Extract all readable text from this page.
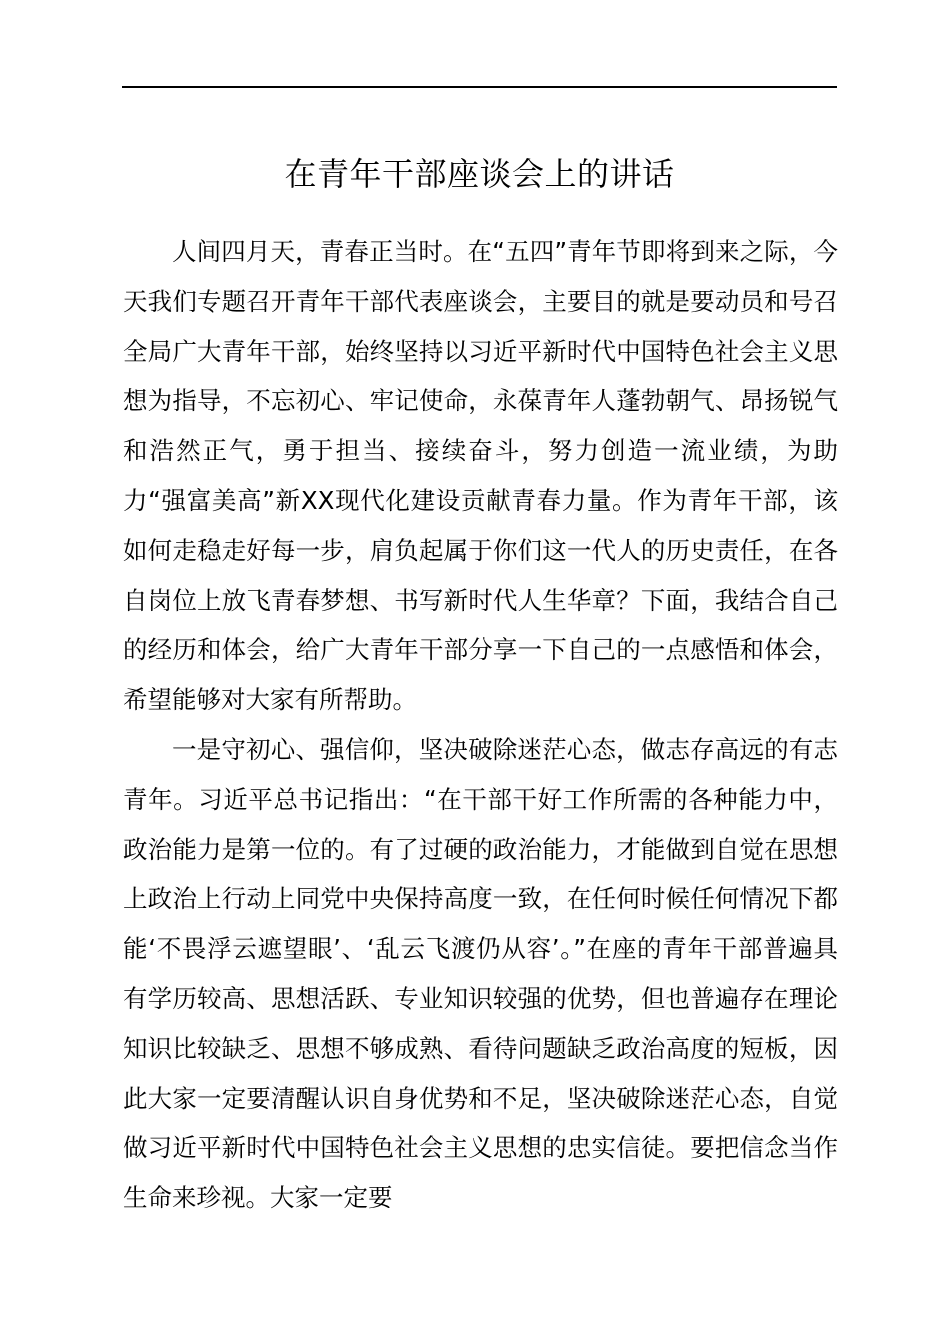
在青年干部座谈会上的讲话

人间四月天，青春正当时。在“五四”青年节即将到来之际，今天我们专题召开青年干部代表座谈会，主要目的就是要动员和号召全局广大青年干部，始终坚持以习近平新时代中国特色社会主义思想为指导，不忘初心、牢记使命，永葆青年人蓬勃朝气、昂扬锐气和浩然正气，勇于担当、接续奋斗，努力创造一流业绩，为助力“强富美高”新XX现代化建设贡献青春力量。作为青年干部，该如何走稳走好每一步，肩负起属于你们这一代人的历史责任，在各自岗位上放飞青春梦想、书写新时代人生华章？下面，我结合自己的经历和体会，给广大青年干部分享一下自己的一点感悟和体会，希望能够对大家有所帮助。

一是守初心、强信仰，坚决破除迷茫心态，做志存高远的有志青年。习近平总书记指出：“在干部干好工作所需的各种能力中，政治能力是第一位的。有了过硬的政治能力，才能做到自觉在思想上政治上行动上同党中央保持高度一致，在任何时候任何情况下都能‘不畏浮云遮望眼’、‘乱云飞渡仍从容’。”在座的青年干部普遍具有学历较高、思想活跃、专业知识较强的优势，但也普遍存在理论知识比较缺乏、思想不够成熟、看待问题缺乏政治高度的短板，因此大家一定要清醒认识自身优势和不足，坚决破除迷茫心态，自觉做习近平新时代中国特色社会主义思想的忠实信徒。要把信念当作生命来珍视。大家一定要
